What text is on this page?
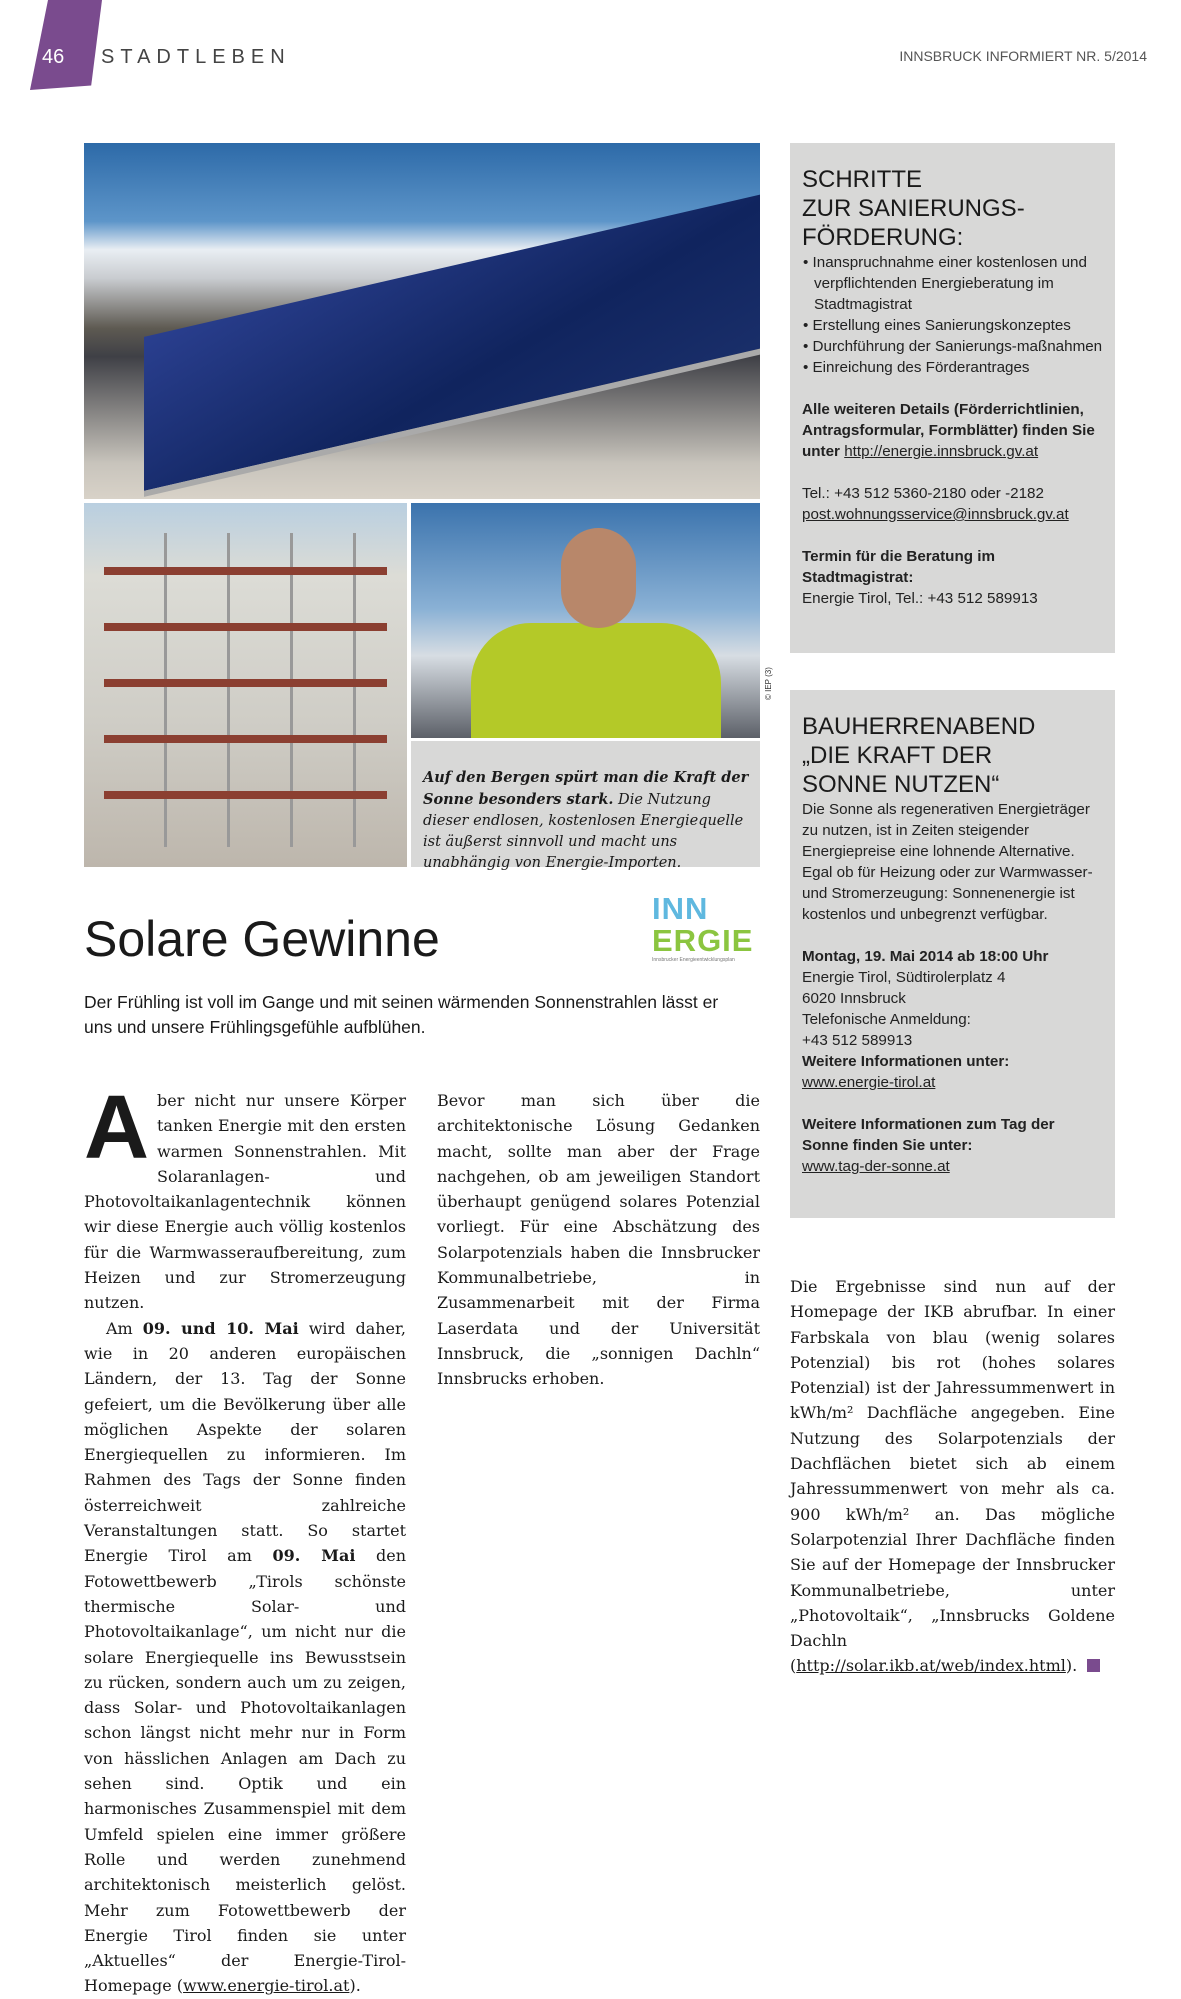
46 STADTLEBEN	INNSBRUCK INFORMIERT NR. 5/2014
© IEP (3)
Auf den Bergen spürt man die Kraft der Sonne besonders stark. Die Nutzung dieser endlosen, kostenlosen Energiequelle ist äußerst sinnvoll und macht uns unabhängig von Energie-Importen.
Solare Gewinne
INN
ERGIE
Innsbrucker Energieentwicklungsplan

Der Frühling ist voll im Gange und mit seinen wärmenden Sonnenstrahlen lässt er uns und unsere Frühlingsgefühle aufblühen.

Aber nicht nur unsere Körper tanken Energie mit den ersten warmen Sonnenstrahlen. Mit Solaranlagen- und Photovoltaikanlagentechnik können wir diese Energie auch völlig kostenlos für die Warmwasseraufbereitung, zum Heizen und zur Stromerzeugung nutzen.

Am 09. und 10. Mai wird daher, wie in 20 anderen europäischen Ländern, der 13. Tag der Sonne gefeiert, um die Bevölkerung über alle möglichen Aspekte der solaren Energiequellen zu informieren. Im Rahmen des Tags der Sonne finden österreichweit zahlreiche Veranstaltungen statt. So startet Energie Tirol am 09. Mai den Fotowettbewerb „Tirols schönste thermische Solar- und Photovoltaikanlage“, um nicht nur die solare Energiequelle ins Bewusstsein zu rücken, sondern auch um zu zeigen, dass Solar- und Photovoltaikanlagen schon längst nicht mehr nur in Form von hässlichen Anlagen am Dach zu sehen sind. Optik und ein harmonisches Zusammenspiel mit dem Umfeld spielen eine immer größere Rolle und werden zunehmend architektonisch meisterlich gelöst. Mehr zum Fotowettbewerb der Energie Tirol finden sie unter „Aktuelles“ der Energie-Tirol-Homepage (www.energie-tirol.at).

Bevor man sich über die architektonische Lösung Gedanken macht, sollte man aber der Frage nachgehen, ob am jeweiligen Standort überhaupt genügend solares Potenzial vorliegt. Für eine Abschätzung des Solarpotenzials haben die Innsbrucker Kommunalbetriebe, in Zusammenarbeit mit der Firma Laserdata und der Universität Innsbruck, die „sonnigen Dachln“ Innsbrucks erhoben.

Die Ergebnisse sind nun auf der Homepage der IKB abrufbar. In einer Farbskala von blau (wenig solares Potenzial) bis rot (hohes solares Potenzial) ist der Jahressummenwert in kWh/m² Dachfläche angegeben. Eine Nutzung des Solarpotenzials der Dachflächen bietet sich ab einem Jahressummenwert von mehr als ca. 900 kWh/m² an. Das mögliche Solarpotenzial Ihrer Dachfläche finden Sie auf der Homepage der Innsbrucker Kommunalbetriebe, unter „Photovoltaik“, „Innsbrucks Goldene Dachln (http://solar.ikb.at/web/index.html).

SCHRITTE
ZUR SANIERUNGS-
FÖRDERUNG:
• Inanspruchnahme einer kostenlosen und verpflichtenden Energieberatung im Stadtmagistrat
• Erstellung eines Sanierungskonzeptes
• Durchführung der Sanierungs-maßnahmen
• Einreichung des Förderantrages

Alle weiteren Details (Förderrichtlinien, Antragsformular, Formblätter) finden Sie unter http://energie.innsbruck.gv.at

Tel.: +43 512 5360-2180 oder -2182

post.wohnungsservice@innsbruck.gv.at

Termin für die Beratung im Stadtmagistrat:

Energie Tirol, Tel.: +43 512 589913

BAUHERRENABEND
„DIE KRAFT DER
SONNE NUTZEN“

Die Sonne als regenerativen Energieträger zu nutzen, ist in Zeiten steigender Energiepreise eine lohnende Alternative. Egal ob für Heizung oder zur Warmwasser- und Stromerzeugung: Sonnenenergie ist kostenlos und unbegrenzt verfügbar.

Montag, 19. Mai 2014 ab 18:00 Uhr

Energie Tirol, Südtirolerplatz 4

6020 Innsbruck

Telefonische Anmeldung:

+43 512 589913

Weitere Informationen unter:

www.energie-tirol.at

Weitere Informationen zum Tag der Sonne finden Sie unter:

www.tag-der-sonne.at
